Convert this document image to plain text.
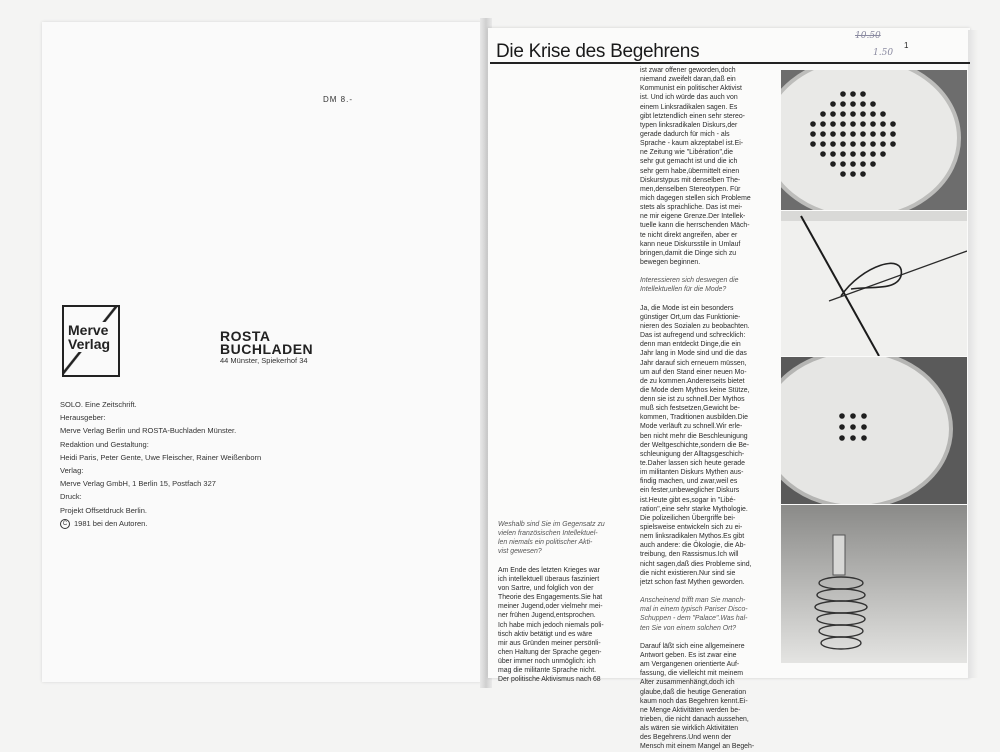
DM 8.-
Merve
Verlag	ROSTA
BUCHLADEN
44 Münster, Spiekerhof 34
SOLO. Eine Zeitschrift.
Herausgeber:
Merve Verlag Berlin und ROSTA-Buchladen Münster.
Redaktion und Gestaltung:
Heidi Paris, Peter Gente, Uwe Fleischer, Rainer Weißenborn
Verlag:
Merve Verlag GmbH, 1 Berlin 15, Postfach 327
Druck:
Projekt Offsetdruck Berlin.
C 1981 bei den Autoren.
Die Krise des Begehrens	1
10.50
1.50
Weshalb sind Sie im Gegensatz zu
vielen französischen Intellektuel-
len niemals ein politischer Akti-
vist gewesen?
Am Ende des letzten Krieges war
ich intellektuell überaus fasziniert
von Sartre, und folglich von der
Theorie des Engagements.Sie hat
meiner Jugend,oder vielmehr mei-
ner frühen Jugend,entsprochen.
Ich habe mich jedoch niemals poli-
tisch aktiv betätigt und es wäre
mir aus Gründen meiner persönli-
chen Haltung der Sprache gegen-
über immer noch unmöglich: ich
mag die militante Sprache nicht.
Der politische Aktivismus nach 68
ist zwar offener geworden,doch
niemand zweifelt daran,daß ein
Kommunist ein politischer Aktivist
ist. Und ich würde das auch von
einem Linksradikalen sagen. Es
gibt letztendlich einen sehr stereo-
typen linksradikalen Diskurs,der
gerade dadurch für mich - als
Sprache - kaum akzeptabel ist.Ei-
ne Zeitung wie "Libération",die
sehr gut gemacht ist und die ich
sehr gern habe,übermittelt einen
Diskurstypus mit denselben The-
men,denselben Stereotypen. Für
mich dagegen stellen sich Probleme
stets als sprachliche. Das ist mei-
ne mir eigene Grenze.Der Intellek-
tuelle kann die herrschenden Mäch-
te nicht direkt angreifen, aber er
kann neue Diskursstile in Umlauf
bringen,damit die Dinge sich zu
bewegen beginnen.
Interessieren sich deswegen die
Intellektuellen für die Mode?
Ja, die Mode ist ein besonders
günstiger Ort,um das Funktionie-
nieren des Sozialen zu beobachten.
Das ist aufregend und schrecklich:
denn man entdeckt Dinge,die ein
Jahr lang in Mode sind und die das
Jahr darauf sich erneuern müssen,
um auf den Stand einer neuen Mo-
de zu kommen.Andererseits bietet
die Mode dem Mythos keine Stütze,
denn sie ist zu schnell.Der Mythos
muß sich festsetzen,Gewicht be-
kommen, Traditionen ausbilden.Die
Mode verläuft zu schnell.Wir erle-
ben nicht mehr die Beschleunigung
der Weltgeschichte,sondern die Be-
schleunigung der Alltagsgeschich-
te.Daher lassen sich heute gerade
im militanten Diskurs Mythen aus-
findig machen, und zwar,weil es
ein fester,unbeweglicher Diskurs
ist.Heute gibt es,sogar in "Libé-
ration",eine sehr starke Mythologie.
Die polizeilichen Übergriffe bei-
spielsweise entwickeln sich zu ei-
nem linksradikalen Mythos.Es gibt
auch andere: die Ökologie, die Ab-
treibung, den Rassismus.Ich will
nicht sagen,daß dies Probleme sind,
die nicht existieren.Nur sind sie
jetzt schon fast Mythen geworden.
Anscheinend trifft man Sie manch-
mal in einem typisch Pariser Disco-
Schuppen - dem "Palace".Was hal-
ten Sie von einem solchen Ort?
Darauf läßt sich eine allgemeinere
Antwort geben. Es ist zwar eine
am Vergangenen orientierte Auf-
fassung, die vielleicht mit meinem
Alter zusammenhängt,doch ich
glaube,daß die heutige Generation
kaum noch das Begehren kennt.Ei-
ne Menge Aktivitäten werden be-
trieben, die nicht danach aussehen,
als wären sie wirklich Aktivitäten
des Begehrens.Und wenn der
Mensch mit einem Mangel an Begeh-
